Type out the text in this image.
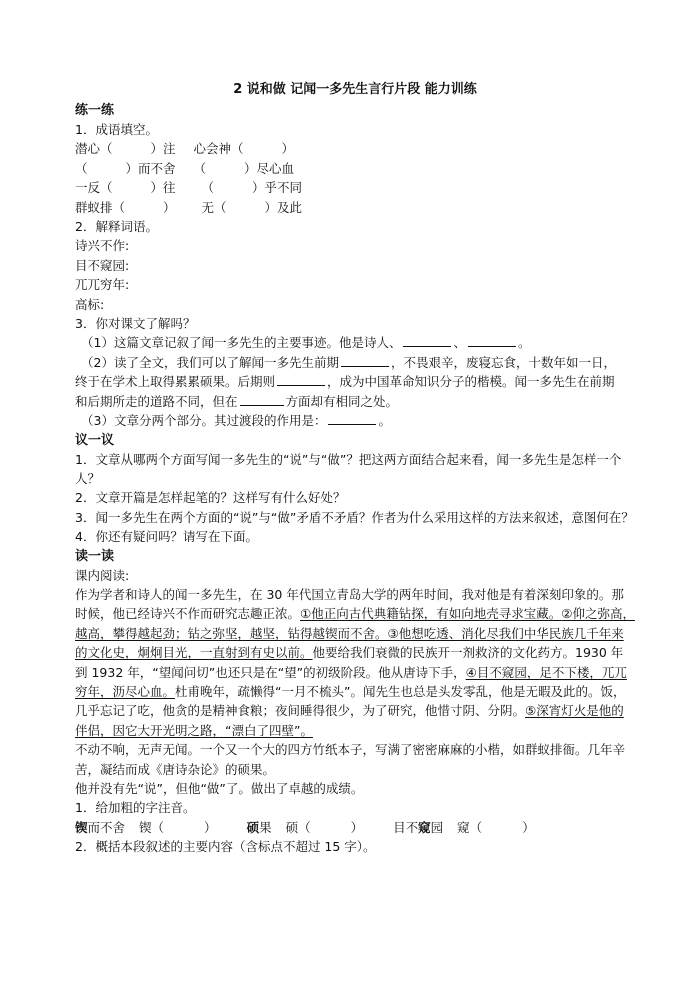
2 说和做 记闻一多先生言行片段 能力训练
练一练
1．成语填空。
潜心（	）注 心会神（	）
（	）而不舍 （	）尽心血
一反（	）往 （	）乎不同
群蚁排（	） 无（	）及此
2．解释词语。
诗兴不作:
目不窥园:
兀兀穷年:
高标:
3．你对课文了解吗？
（1）这篇文章记叙了闻一多先生的主要事迹。他是诗人、	、	。
（2）读了全文，我们可以了解闻一多先生前期	，不畏艰辛，废寝忘食，十数年如一日，
终于在学术上取得累累硕果。后期则	，成为中国革命知识分子的楷模。闻一多先生在前期
和后期所走的道路不同，但在	方面却有相同之处。
（3）文章分两个部分。其过渡段的作用是：	。
议一议
1．文章从哪两个方面写闻一多先生的“说”与“做”？把这两方面结合起来看，闻一多先生是怎样一个人？
2．文章开篇是怎样起笔的？这样写有什么好处？
3．闻一多先生在两个方面的“说”与“做”矛盾不矛盾？作者为什么采用这样的方法来叙述，意图何在？
4．你还有疑问吗？请写在下面。
读一读
课内阅读:
作为学者和诗人的闻一多先生，在 30 年代国立青岛大学的两年时间，我对他是有着深刻印象的。那时候，他已经诗兴不作而研究志趣正浓。①他正向古代典籍钻探，有如向地壳寻求宝藏。②仰之弥高，越高，攀得越起劲；钻之弥坚，越坚，钻得越锲而不舍。③他想吃透、消化尽我们中华民族几千年来的文化史，炯炯目光，一直射到有史以前。他要给我们衰微的民族开一剂救济的文化药方。1930 年到 1932 年，“望闻问切”也还只是在“望”的初级阶段。他从唐诗下手，④目不窥园，足不下楼，兀兀穷年，沥尽心血。杜甫晚年，疏懒得“一月不梳头”。闻先生也总是头发零乱，他是无暇及此的。饭，几乎忘记了吃，他贪的是精神食粮；夜间睡得很少，为了研究，他惜寸阴、分阴。⑤深宵灯火是他的伴侣，因它大开光明之路，“漂白了四壁”。
不动不响，无声无闻。一个又一个大的四方竹纸本子，写满了密密麻麻的小楷，如群蚁排衙。几年辛苦，凝结而成《唐诗杂论》的硕果。
他并没有先“说”，但他“做”了。做出了卓越的成绩。
1．给加粗的字注音。
锲而不舍 锲（	） 硕果 硕（	） 目不窥园 窥（	）
2．概括本段叙述的主要内容（含标点不超过 15 字）。
